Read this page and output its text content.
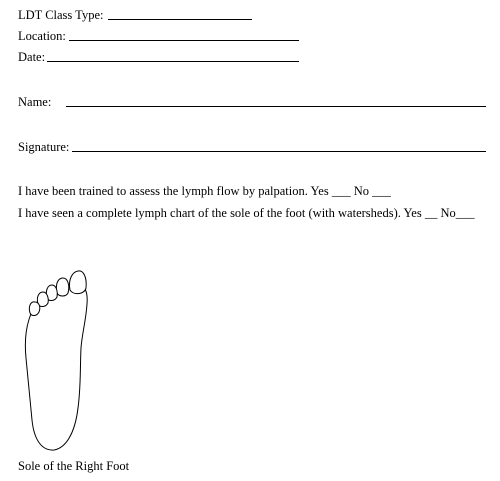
LDT Class Type:
Location:
Date:
Name:
Signature:
I have been trained to assess the lymph flow by palpation. Yes ___ No ___
I have seen a complete lymph chart of the sole of the foot (with watersheds). Yes __ No___
Sole of the Right Foot
